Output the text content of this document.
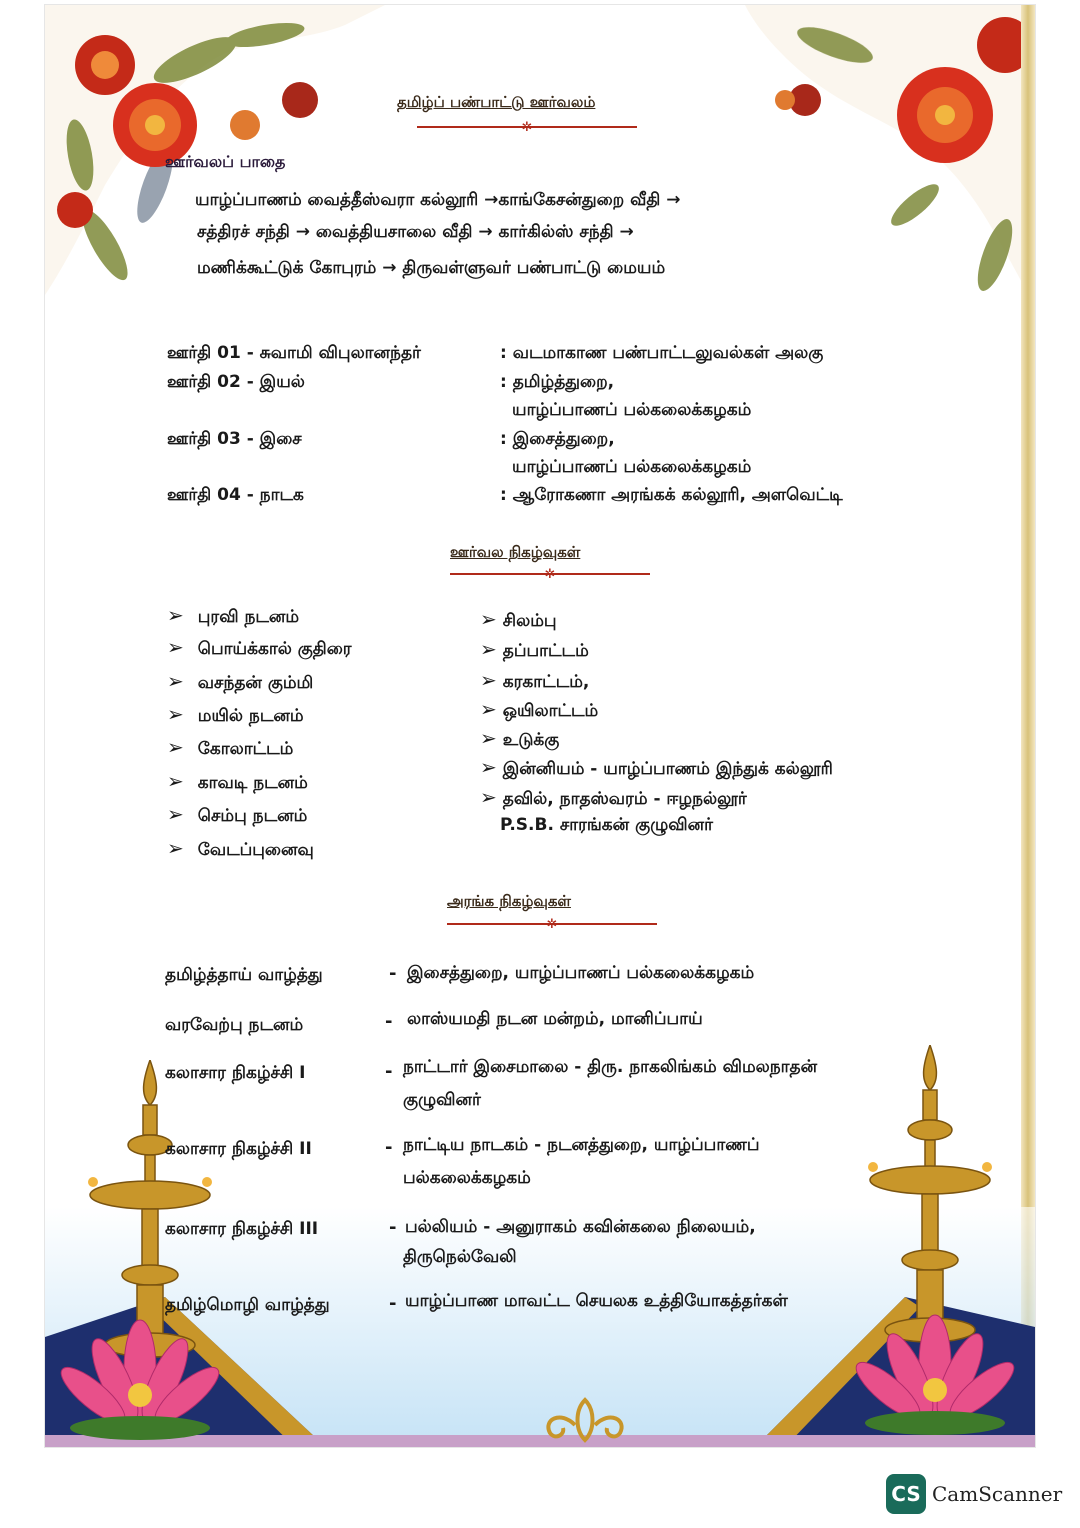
தமிழ்ப் பண்பாட்டு ஊர்வலம்
✲
ஊர்வலப் பாதை
யாழ்ப்பாணம் வைத்தீஸ்வரா கல்லூரி →காங்கேசன்துறை வீதி →
சத்திரச் சந்தி → வைத்தியசாலை வீதி → கார்கில்ஸ் சந்தி →
மணிக்கூட்டுக் கோபுரம் → திருவள்ளுவர் பண்பாட்டு மையம்
ஊர்தி 01 - சுவாமி விபுலானந்தர்	: வடமாகாண பண்பாட்டலுவல்கள் அலகு
ஊர்தி 02 - இயல்	: தமிழ்த்துறை,
யாழ்ப்பாணப் பல்கலைக்கழகம்
ஊர்தி 03 - இசை	: இசைத்துறை,
யாழ்ப்பாணப் பல்கலைக்கழகம்
ஊர்தி 04 - நாடக	: ஆரோகணா அரங்கக் கல்லூரி, அளவெட்டி
ஊர்வல நிகழ்வுகள்
✲
P.S.B. சாரங்கன் குழுவினர்
அரங்க நிகழ்வுகள்
✲
தமிழ்த்தாய் வாழ்த்து	- இசைத்துறை, யாழ்ப்பாணப் பல்கலைக்கழகம்
வரவேற்பு நடனம்	- லாஸ்யமதி நடன மன்றம், மானிப்பாய்
கலாசார நிகழ்ச்சி I	- நாட்டார் இசைமாலை - திரு. நாகலிங்கம் விமலநாதன்
குழுவினர்
கலாசார நிகழ்ச்சி II	- நாட்டிய நாடகம் - நடனத்துறை, யாழ்ப்பாணப்
பல்கலைக்கழகம்
கலாசார நிகழ்ச்சி III	- பல்லியம் - அனுராகம் கவின்கலை நிலையம்,
திருநெல்வேலி
தமிழ்மொழி வாழ்த்து	- யாழ்ப்பாண மாவட்ட செயலக உத்தியோகத்தர்கள்
➢ புரவி நடனம்
➢ பொய்க்கால் குதிரை
➢ வசந்தன் கும்மி
➢ மயில் நடனம்
➢ கோலாட்டம்
➢ காவடி நடனம்
➢ செம்பு நடனம்
➢ வேடப்புனைவு
➢ சிலம்பு
➢ தப்பாட்டம்
➢ கரகாட்டம்,
➢ ஒயிலாட்டம்
➢ உடுக்கு
➢ இன்னியம் - யாழ்ப்பாணம் இந்துக் கல்லூரி
➢ தவில், நாதஸ்வரம் - ஈழநல்லூர்
CS CamScanner
